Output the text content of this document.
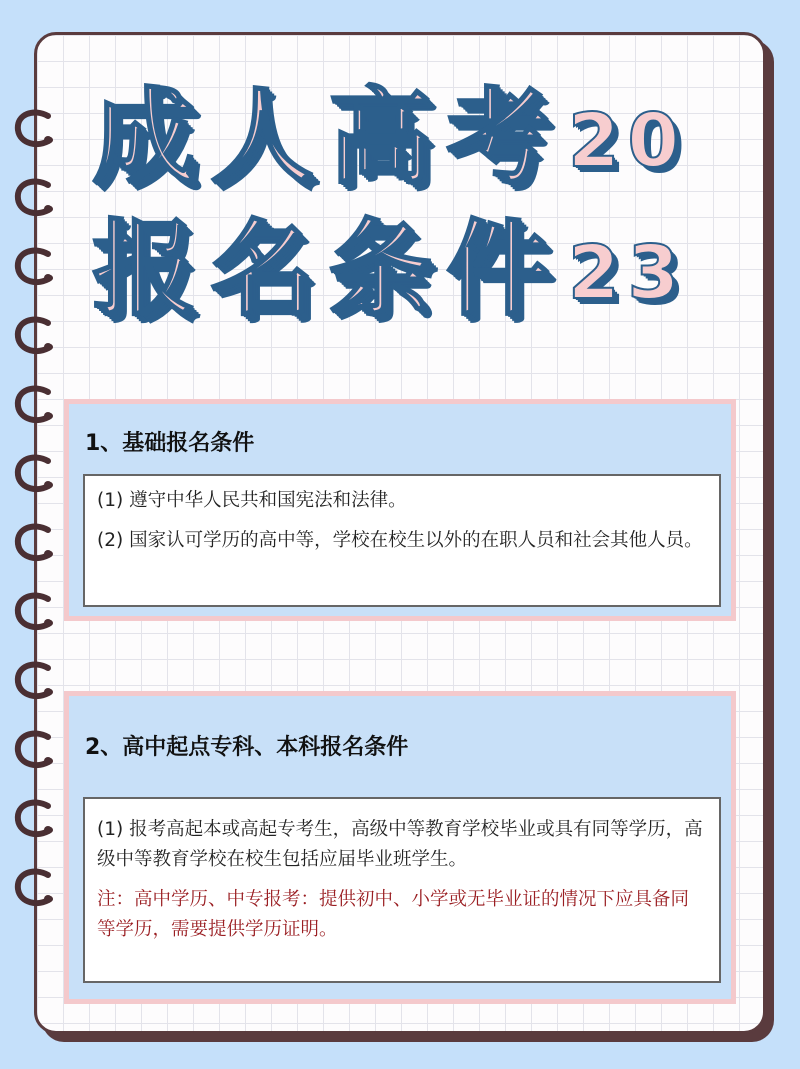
成人高考 20
报名条件 23
1、基础报名条件

(1) 遵守中华人民共和国宪法和法律。

(2) 国家认可学历的高中等，学校在校生以外的在职人员和社会其他人员。

2、高中起点专科、本科报名条件

(1) 报考高起本或高起专考生，高级中等教育学校毕业或具有同等学历，高级中等教育学校在校生包括应届毕业班学生。

注：高中学历、中专报考：提供初中、小学或无毕业证的情况下应具备同等学历，需要提供学历证明。
